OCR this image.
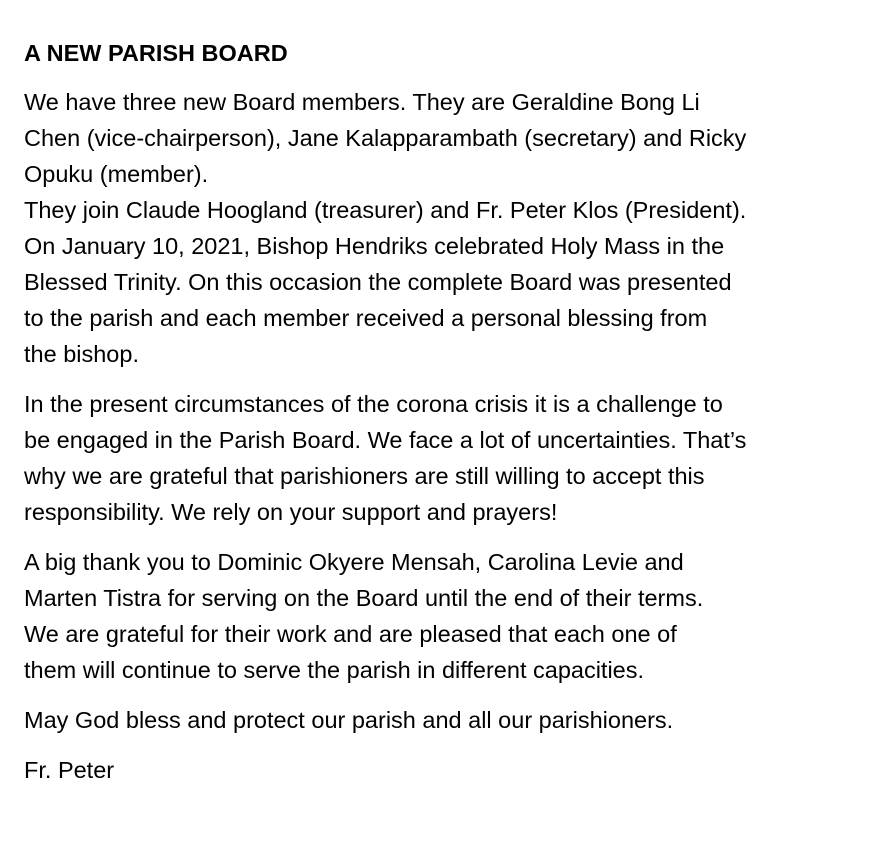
A NEW PARISH BOARD
We have three new Board members. They are Geraldine Bong Li
Chen (vice-chairperson), Jane Kalapparambath (secretary) and Ricky
Opuku (member).
They join Claude Hoogland (treasurer) and Fr. Peter Klos (President).
On January 10, 2021, Bishop Hendriks celebrated Holy Mass in the
Blessed Trinity. On this occasion the complete Board was presented
to the parish and each member received a personal blessing from
the bishop.
In the present circumstances of the corona crisis it is a challenge to
be engaged in the Parish Board. We face a lot of uncertainties. That’s
why we are grateful that parishioners are still willing to accept this
responsibility. We rely on your support and prayers!
A big thank you to Dominic Okyere Mensah, Carolina Levie and
Marten Tistra for serving on the Board until the end of their terms.
We are grateful for their work and are pleased that each one of
them will continue to serve the parish in different capacities.
May God bless and protect our parish and all our parishioners.
Fr. Peter
